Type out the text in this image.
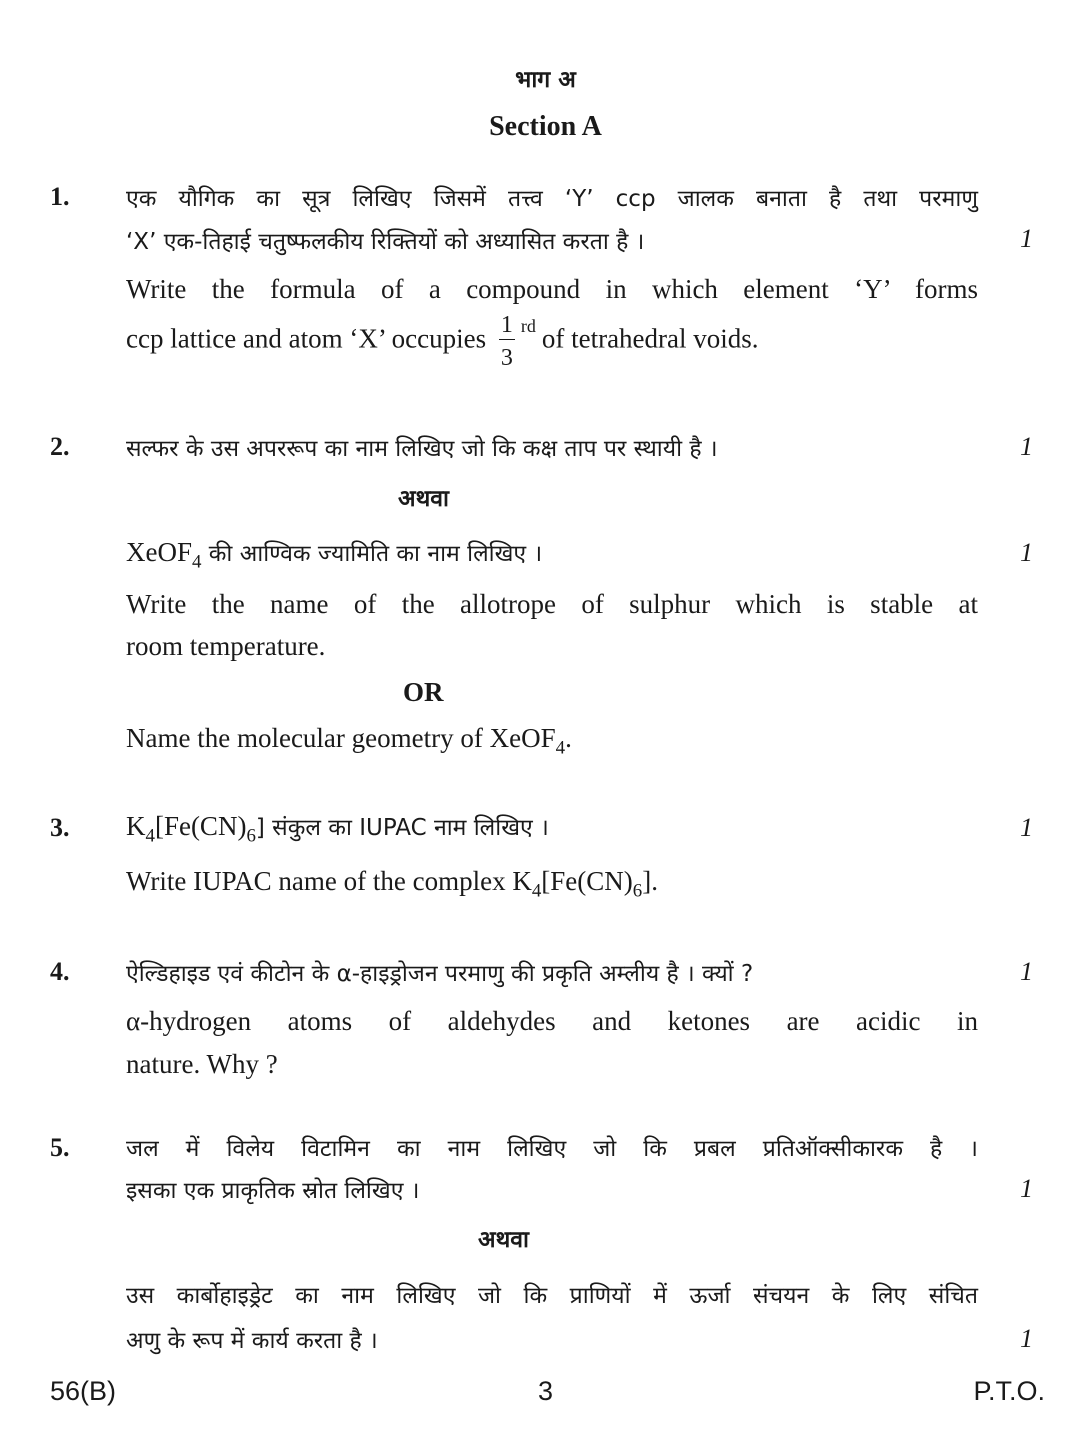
भाग अ
Section A
1. एक यौगिक का सूत्र लिखिए जिसमें तत्त्व ‘Y’ ccp जालक बनाता है तथा परमाणु
‘X’ एक-तिहाई चतुष्फलकीय रिक्तियों को अध्यासित करता है ।	1
Write the formula of a compound in which element ‘Y’ forms
ccp lattice and atom ‘X’ occupies $\frac{1}{3} ^{rd}$ of tetrahedral voids.
2. सल्फर के उस अपररूप का नाम लिखिए जो कि कक्ष ताप पर स्थायी है ।	1
अथवा
XeOF$_4$ की आण्विक ज्यामिति का नाम लिखिए ।	1
Write the name of the allotrope of sulphur which is stable at
room temperature.
OR
Name the molecular geometry of XeOF$_4$.
3. $K_4[Fe(CN)_6]$ संकुल का IUPAC नाम लिखिए ।	1
Write IUPAC name of the complex $K_4[Fe(CN)_6]$.
4. ऐल्डिहाइड एवं कीटोन के α-हाइड्रोजन परमाणु की प्रकृति अम्लीय है । क्यों ?	1
α-hydrogen atoms of aldehydes and ketones are acidic in
nature. Why ?
5. जल में विलेय विटामिन का नाम लिखिए जो कि प्रबल प्रतिऑक्सीकारक है ।
इसका एक प्राकृतिक स्रोत लिखिए ।	1
अथवा
उस कार्बोहाइड्रेट का नाम लिखिए जो कि प्राणियों में ऊर्जा संचयन के लिए संचित
अणु के रूप में कार्य करता है ।	1
56(B)	3	P.T.O.
